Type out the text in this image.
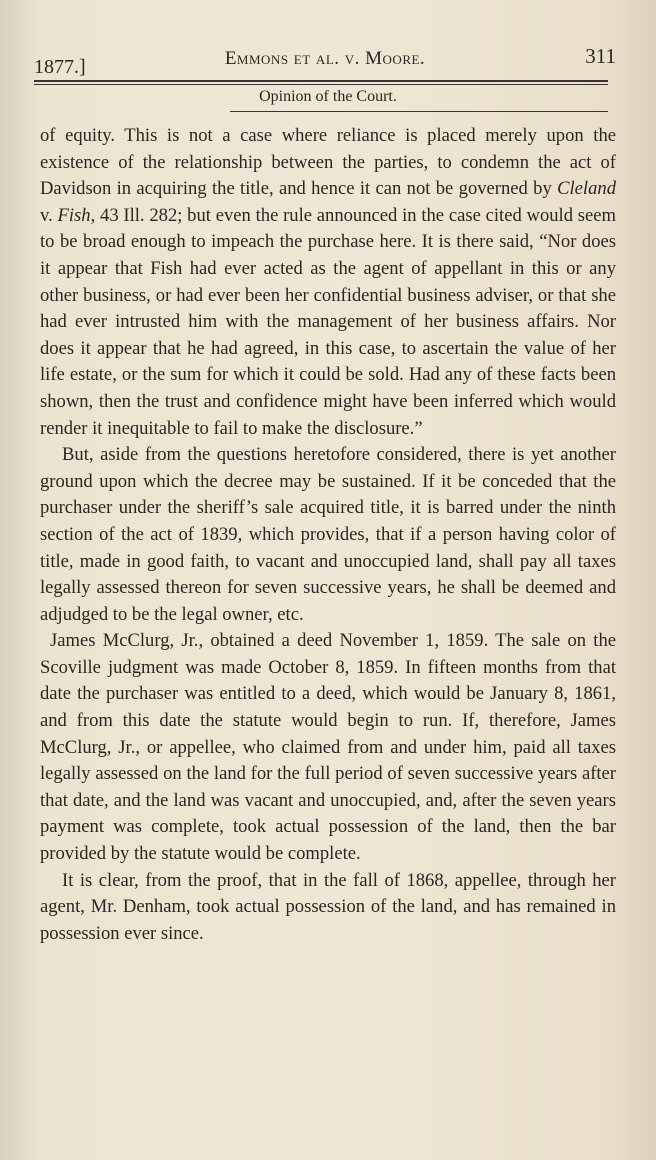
1877.]	Emmons et al. v. Moore.	311
Opinion of the Court.

of equity. This is not a case where reliance is placed merely upon the existence of the relationship between the parties, to condemn the act of Davidson in acquiring the title, and hence it can not be governed by Cleland v. Fish, 43 Ill. 282; but even the rule announced in the case cited would seem to be broad enough to impeach the purchase here. It is there said, “Nor does it appear that Fish had ever acted as the agent of appellant in this or any other business, or had ever been her confidential business adviser, or that she had ever intrusted him with the management of her business affairs. Nor does it appear that he had agreed, in this case, to ascertain the value of her life estate, or the sum for which it could be sold. Had any of these facts been shown, then the trust and confidence might have been inferred which would render it inequitable to fail to make the disclosure.”

But, aside from the questions heretofore considered, there is yet another ground upon which the decree may be sustained. If it be conceded that the purchaser under the sheriff’s sale acquired title, it is barred under the ninth section of the act of 1839, which provides, that if a person having color of title, made in good faith, to vacant and unoccupied land, shall pay all taxes legally assessed thereon for seven successive years, he shall be deemed and adjudged to be the legal owner, etc.

James McClurg, Jr., obtained a deed November 1, 1859. The sale on the Scoville judgment was made October 8, 1859. In fifteen months from that date the purchaser was entitled to a deed, which would be January 8, 1861, and from this date the statute would begin to run. If, therefore, James McClurg, Jr., or appellee, who claimed from and under him, paid all taxes legally assessed on the land for the full period of seven successive years after that date, and the land was vacant and unoccupied, and, after the seven years payment was complete, took actual possession of the land, then the bar provided by the statute would be complete.

It is clear, from the proof, that in the fall of 1868, appellee, through her agent, Mr. Denham, took actual possession of the land, and has remained in possession ever since.
